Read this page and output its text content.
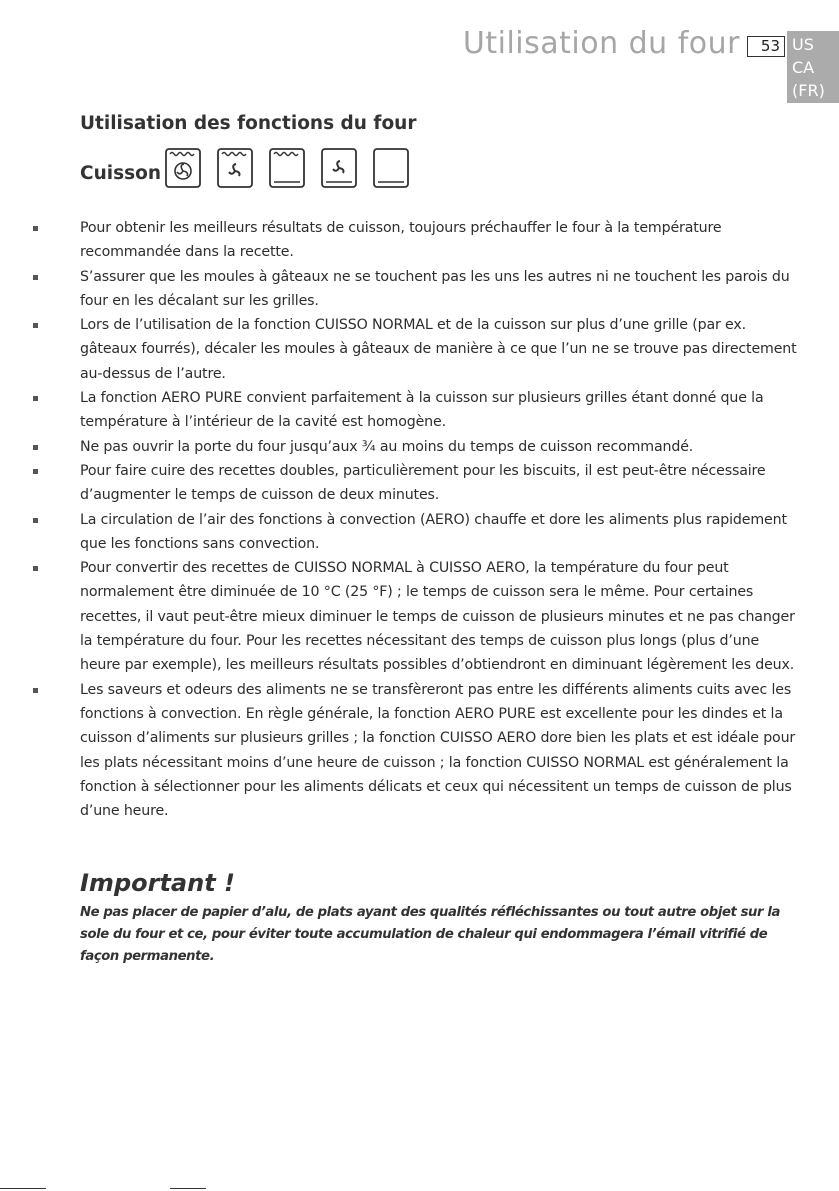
Utilisation du four	53 US
CA
(FR)
Utilisation des fonctions du four
Cuisson
Pour obtenir les meilleurs résultats de cuisson, toujours préchauffer le four à la température recommandée dans la recette.
S’assurer que les moules à gâteaux ne se touchent pas les uns les autres ni ne touchent les parois du four en les décalant sur les grilles.
Lors de l’utilisation de la fonction CUISSO NORMAL et de la cuisson sur plus d’une grille (par ex. gâteaux fourrés), décaler les moules à gâteaux de manière à ce que l’un ne se trouve pas directement au-dessus de l’autre.
La fonction AERO PURE convient parfaitement à la cuisson sur plusieurs grilles étant donné que la température à l’intérieur de la cavité est homogène.
Ne pas ouvrir la porte du four jusqu’aux ¾ au moins du temps de cuisson recommandé.
Pour faire cuire des recettes doubles, particulièrement pour les biscuits, il est peut-être nécessaire d’augmenter le temps de cuisson de deux minutes.
La circulation de l’air des fonctions à convection (AERO) chauffe et dore les aliments plus rapidement que les fonctions sans convection.
Pour convertir des recettes de CUISSO NORMAL à CUISSO AERO, la température du four peut normalement être diminuée de 10 °C (25 °F) ; le temps de cuisson sera le même. Pour certaines recettes, il vaut peut-être mieux diminuer le temps de cuisson de plusieurs minutes et ne pas changer la température du four. Pour les recettes nécessitant des temps de cuisson plus longs (plus d’une heure par exemple), les meilleurs résultats possibles d’obtiendront en diminuant légèrement les deux.
Les saveurs et odeurs des aliments ne se transfèreront pas entre les différents aliments cuits avec les fonctions à convection. En règle générale, la fonction AERO PURE est excellente pour les dindes et la cuisson d’aliments sur plusieurs grilles ; la fonction CUISSO AERO dore bien les plats et est idéale pour les plats nécessitant moins d’une heure de cuisson ; la fonction CUISSO NORMAL est généralement la fonction à sélectionner pour les aliments délicats et ceux qui nécessitent un temps de cuisson de plus d’une heure.
Important !
Ne pas placer de papier d’alu, de plats ayant des qualités réfléchissantes ou tout autre objet sur la sole du four et ce, pour éviter toute accumulation de chaleur qui endommagera l’émail vitrifié de façon permanente.
